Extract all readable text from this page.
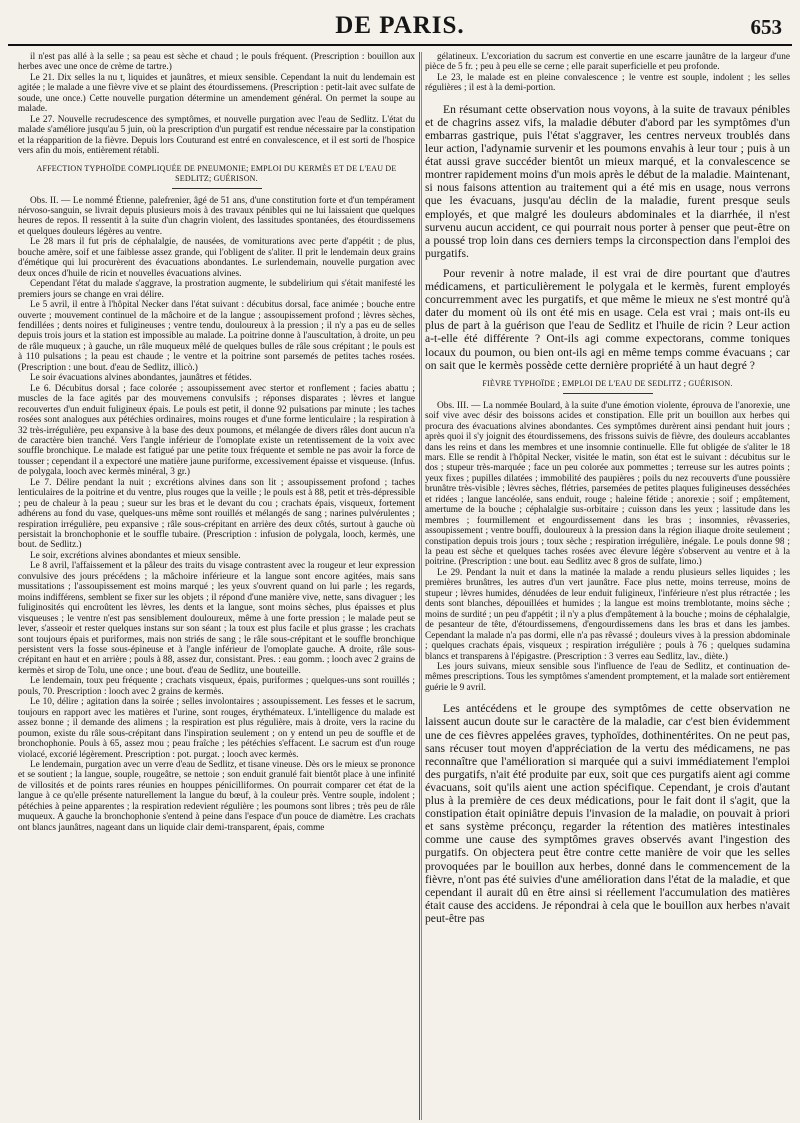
DE PARIS.	653

il n'est pas allé à la selle ; sa peau est sèche et chaud ; le pouls fréquent. (Prescription : bouillon aux herbes avec une once de crème de tartre.)

Le 21. Dix selles la nu t, liquides et jaunâtres, et mieux sensible. Cependant la nuit du lendemain est agitée ; le malade a une fièvre vive et se plaint des étourdissemens. (Prescription : petit-lait avec sulfate de soude, une once.) Cette nouvelle purgation détermine un amendement général. On permet la soupe au malade.

Le 27. Nouvelle recrudescence des symptômes, et nouvelle purgation avec l'eau de Sedlitz. L'état du malade s'améliore jusqu'au 5 juin, où la prescription d'un purgatif est rendue nécessaire par la constipation et la réapparition de la fièvre. Depuis lors Couturand est entré en convalescence, et il est sorti de l'hospice vers afin du mois, entièrement rétabli.

AFFECTION TYPHOÏDE COMPLIQUÉE DE PNEUMONIE; EMPLOI DU KERMÈS ET DE L'EAU DE SEDLITZ; GUÉRISON.

Obs. II. — Le nommé Étienne, palefrenier, âgé de 51 ans, d'une constitution forte et d'un tempérament nérvoso-sanguin, se livrait depuis plusieurs mois à des travaux pénibles qui ne lui laissaient que quelques heures de repos. Il ressentit à la suite d'un chagrin violent, des lassitudes spontanées, des étourdissemens et quelques douleurs légères au ventre.

Le 28 mars il fut pris de céphalalgie, de nausées, de vomiturations avec perte d'appétit ; de plus, bouche amère, soif et une faiblesse assez grande, qui l'obligent de s'aliter. Il prit le lendemain deux grains d'émétique qui lui procurèrent des évacuations abondantes. Le surlendemain, nouvelle purgation avec deux onces d'huile de ricin et nouvelles évacuations alvines.

Cependant l'état du malade s'aggrave, la prostration augmente, le subdelirium qui s'était manifesté les premiers jours se change en vrai délire.

Le 5 avril, il entre à l'hôpital Necker dans l'état suivant : décubitus dorsal, face animée ; bouche entre ouverte ; mouvement continuel de la mâchoire et de la langue ; assoupissement profond ; lèvres sèches, fendillées ; dents noires et fuligineuses ; ventre tendu, douloureux à la pression ; il n'y a pas eu de selles depuis trois jours et la station est impossible au malade. La poitrine donne à l'auscultation, à droite, un peu de râle muqueux ; à gauche, un râle muqueux mêlé de quelques bulles de râle sous crépitant ; le pouls est à 110 pulsations ; la peau est chaude ; le ventre et la poitrine sont parsemés de petites taches rosées. (Prescription : une bout. d'eau de Sedlitz, illicò.)

Le soir évacuations alvines abondantes, jaunâtres et fétides.

Le 6. Décubitus dorsal ; face colorée ; assoupissement avec stertor et ronflement ; facies abattu ; muscles de la face agités par des mouvemens convulsifs ; réponses disparates ; lèvres et langue recouvertes d'un enduit fuligineux épais. Le pouls est petit, il donne 92 pulsations par minute ; les taches rosées sont analogues aux pétéchies ordinaires, moins rouges et d'une forme lenticulaire ; la respiration à 32 très-irrégulière, peu expansive à la base des deux poumons, et mélangée de divers râles dont aucun n'a de caractère bien tranché. Vers l'angle inférieur de l'omoplate existe un retentissement de la voix avec souffle bronchique. Le malade est fatigué par une petite toux fréquente et semble ne pas avoir la force de tousser ; cependant il a expectoré une matière jaune puriforme, excessivement épaisse et visqueuse. (Infus. de polygala, looch avec kermès minéral, 3 gr.)

Le 7. Délire pendant la nuit ; excrétions alvines dans son lit ; assoupissement profond ; taches lenticulaires de la poitrine et du ventre, plus rouges que la veille ; le pouls est à 88, petit et très-dépressible ; peu de chaleur à la peau ; sueur sur les bras et le devant du cou ; crachats épais, visqueux, fortement adhérens au fond du vase, quelques-uns même sont rouillés et mélangés de sang ; narines pulvérulentes ; respiration irrégulière, peu expansive ; râle sous-crépitant en arrière des deux côtés, surtout à gauche où persistait la bronchophonie et le souffle tubaire. (Prescription : infusion de polygala, looch, kermès, une bout. de Sedlitz.)

Le soir, excrétions alvines abondantes et mieux sensible.

Le 8 avril, l'affaissement et la pâleur des traits du visage contrastent avec la rougeur et leur expression convulsive des jours précédens ; la mâchoire inférieure et la langue sont encore agitées, mais sans mussitations ; l'assoupissement est moins marqué ; les yeux s'ouvrent quand on lui parle ; les regards, moins indifférens, semblent se fixer sur les objets ; il répond d'une manière vive, nette, sans divaguer ; les fuliginosités qui encroûtent les lèvres, les dents et la langue, sont moins sèches, plus épaisses et plus visqueuses ; le ventre n'est pas sensiblement douloureux, même à une forte pression ; le malade peut se lever, s'asseoir et rester quelques instans sur son séant ; la toux est plus facile et plus grasse ; les crachats sont toujours épais et puriformes, mais non striés de sang ; le râle sous-crépitant et le souffle bronchique persistent vers la fosse sous-épineuse et à l'angle inférieur de l'omoplate gauche. A droite, râle sous-crépitant en haut et en arrière ; pouls à 88, assez dur, consistant. Pres. : eau gomm. ; looch avec 2 grains de kermès et sirop de Tolu, une once ; une bout. d'eau de Sedlitz, une bouteille.

Le lendemain, toux peu fréquente ; crachats visqueux, épais, puriformes ; quelques-uns sont rouillés ; pouls, 70. Prescription : looch avec 2 grains de kermès.

Le 10, délire ; agitation dans la soirée ; selles involontaires ; assoupissement. Les fesses et le sacrum, toujours en rapport avec les matières et l'urine, sont rouges, érythémateux. L'intelligence du malade est assez bonne ; il demande des alimens ; la respiration est plus régulière, mais à droite, vers la racine du poumon, existe du râle sous-crépitant dans l'inspiration seulement ; on y entend un peu de souffle et de bronchophonie. Pouls à 65, assez mou ; peau fraîche ; les pétéchies s'effacent. Le sacrum est d'un rouge violacé, excorié légèrement. Prescription : pot. purgat. ; looch avec kermès.

Le lendemain, purgation avec un verre d'eau de Sedlitz, et tisane vineuse. Dès ors le mieux se prononce et se soutient ; la langue, souple, rougeâtre, se nettoie ; son enduit granulé fait bientôt place à une infinité de villosités et de points rares réunies en houppes pénicilliformes. On pourrait comparer cet état de la langue à ce qu'elle présente naturellement la langue du bœuf, à la couleur près. Ventre souple, indolent ; pétéchies à peine apparentes ; la respiration redevient régulière ; les poumons sont libres ; très peu de râle muqueux. A gauche la bronchophonie s'entend à peine dans l'espace d'un pouce de diamètre. Les crachats ont blancs jaunâtres, nageant dans un liquide clair demi-transparent, épais, comme

gélatineux. L'excoriation du sacrum est convertie en une escarre jaunâtre de la largeur d'une pièce de 5 fr. ; peu à peu elle se cerne ; elle parait superficielle et peu profonde.

Le 23, le malade est en pleine convalescence ; le ventre est souple, indolent ; les selles régulières ; il est à la demi-portion.

En résumant cette observation nous voyons, à la suite de travaux pénibles et de chagrins assez vifs, la maladie débuter d'abord par les symptômes d'un embarras gastrique, puis l'état s'aggraver, les centres nerveux troublés dans leur action, l'adynamie survenir et les poumons envahis à leur tour ; puis à un état aussi grave succéder bientôt un mieux marqué, et la convalescence se montrer rapidement moins d'un mois après le début de la maladie. Maintenant, si nous faisons attention au traitement qui a été mis en usage, nous verrons que les évacuans, jusqu'au déclin de la maladie, furent presque seuls employés, et que malgré les douleurs abdominales et la diarrhée, il n'est survenu aucun accident, ce qui pourrait nous porter à penser que peut-être on a poussé trop loin dans ces derniers temps la circonspection dans l'emploi des purgatifs.

Pour revenir à notre malade, il est vrai de dire pourtant que d'autres médicamens, et particulièrement le polygala et le kermès, furent employés concurremment avec les purgatifs, et que même le mieux ne s'est montré qu'à dater du moment où ils ont été mis en usage. Cela est vrai ; mais ont-ils eu plus de part à la guérison que l'eau de Sedlitz et l'huile de ricin ? Leur action a-t-elle été différente ? Ont-ils agi comme expectorans, comme toniques locaux du poumon, ou bien ont-ils agi en même temps comme évacuans ; car on sait que le kermès possède cette dernière propriété à un haut degré ?

FIÈVRE TYPHOÏDE ; EMPLOI DE L'EAU DE SEDLITZ ; GUÉRISON.

Obs. III. — La nommée Boulard, à la suite d'une émotion violente, éprouva de l'anorexie, une soif vive avec désir des boissons acides et constipation. Elle prit un bouillon aux herbes qui procura des évacuations alvines abondantes. Ces symptômes durèrent ainsi pendant huit jours ; après quoi il s'y joignit des étourdissemens, des frissons suivis de fièvre, des douleurs accablantes dans les reins et dans les membres et une insomnie continuelle. Elle fut obligée de s'aliter le 18 mars. Elle se rendit à l'hôpital Necker, visitée le matin, son état est le suivant : décubitus sur le dos ; stupeur très-marquée ; face un peu colorée aux pommettes ; terreuse sur les autres points ; yeux fixes ; pupilles dilatées ; immobilité des paupières ; poils du nez recouverts d'une poussière brunâtre très-visible ; lèvres sèches, flétries, parsemées de petites plaques fuligineuses desséchées et ridées ; langue lancéolée, sans enduit, rouge ; haleine fétide ; anorexie ; soif ; empâtement, amertume de la bouche ; céphalalgie sus-orbitaire ; cuisson dans les yeux ; lassitude dans les membres ; fourmillement et engourdissement dans les bras ; insomnies, rêvasseries, assoupissement ; ventre bouffi, douloureux à la pression dans la région iliaque droite seulement ; constipation depuis trois jours ; toux sèche ; respiration irrégulière, inégale. Le pouls donne 98 ; la peau est sèche et quelques taches rosées avec élevure légère s'observent au ventre et à la poitrine. (Prescription : une bout. eau Sedlitz avec 8 gros de sulfate, limo.)

Le 29. Pendant la nuit et dans la matinée la malade a rendu plusieurs selles liquides ; les premières brunâtres, les autres d'un vert jaunâtre. Face plus nette, moins terreuse, moins de stupeur ; lèvres humides, dénudées de leur enduit fuligineux, l'inférieure n'est plus rétractée ; les dents sont blanches, dépouillées et humides ; la langue est moins tremblotante, moins sèche ; moins de surdité ; un peu d'appétit ; il n'y a plus d'empâtement à la bouche ; moins de céphalalgie, de pesanteur de tête, d'étourdissemens, d'engourdissemens dans les bras et dans les jambes. Cependant la malade n'a pas dormi, elle n'a pas rêvassé ; douleurs vives à la pression abdominale ; quelques crachats épais, visqueux ; respiration irrégulière ; pouls à 76 ; quelques sudamina blancs et transparens à l'épigastre. (Prescription : 3 verres eau Sedlitz, lav., diète.)

Les jours suivans, mieux sensible sous l'influence de l'eau de Sedlitz, et continuation de-mêmes prescriptions. Tous les symptômes s'amendent promptement, et la malade sort entièrement guérie le 9 avril.

Les antécédens et le groupe des symptômes de cette observation ne laissent aucun doute sur le caractère de la maladie, car c'est bien évidemment une de ces fièvres appelées graves, typhoïdes, dothinentérites. On ne peut pas, sans récuser tout moyen d'appréciation de la vertu des médicamens, ne pas reconnaître que l'amélioration si marquée qui a suivi immédiatement l'emploi des purgatifs, n'ait été produite par eux, soit que ces purgatifs aient agi comme évacuans, soit qu'ils aient une action spécifique. Cependant, je crois d'autant plus à la première de ces deux médications, pour le fait dont il s'agit, que la constipation était opiniâtre depuis l'invasion de la maladie, on pouvait à priori et sans système préconçu, regarder la rétention des matières intestinales comme une cause des symptômes graves observés avant l'ingestion des purgatifs. On objectera peut être contre cette manière de voir que les selles provoquées par le bouillon aux herbes, donné dans le commencement de la fièvre, n'ont pas été suivies d'une amélioration dans l'état de la maladie, et que cependant il aurait dû en être ainsi si réellement l'accumulation des matières était cause des accidens. Je répondrai à cela que le bouillon aux herbes n'avait peut-être pas
